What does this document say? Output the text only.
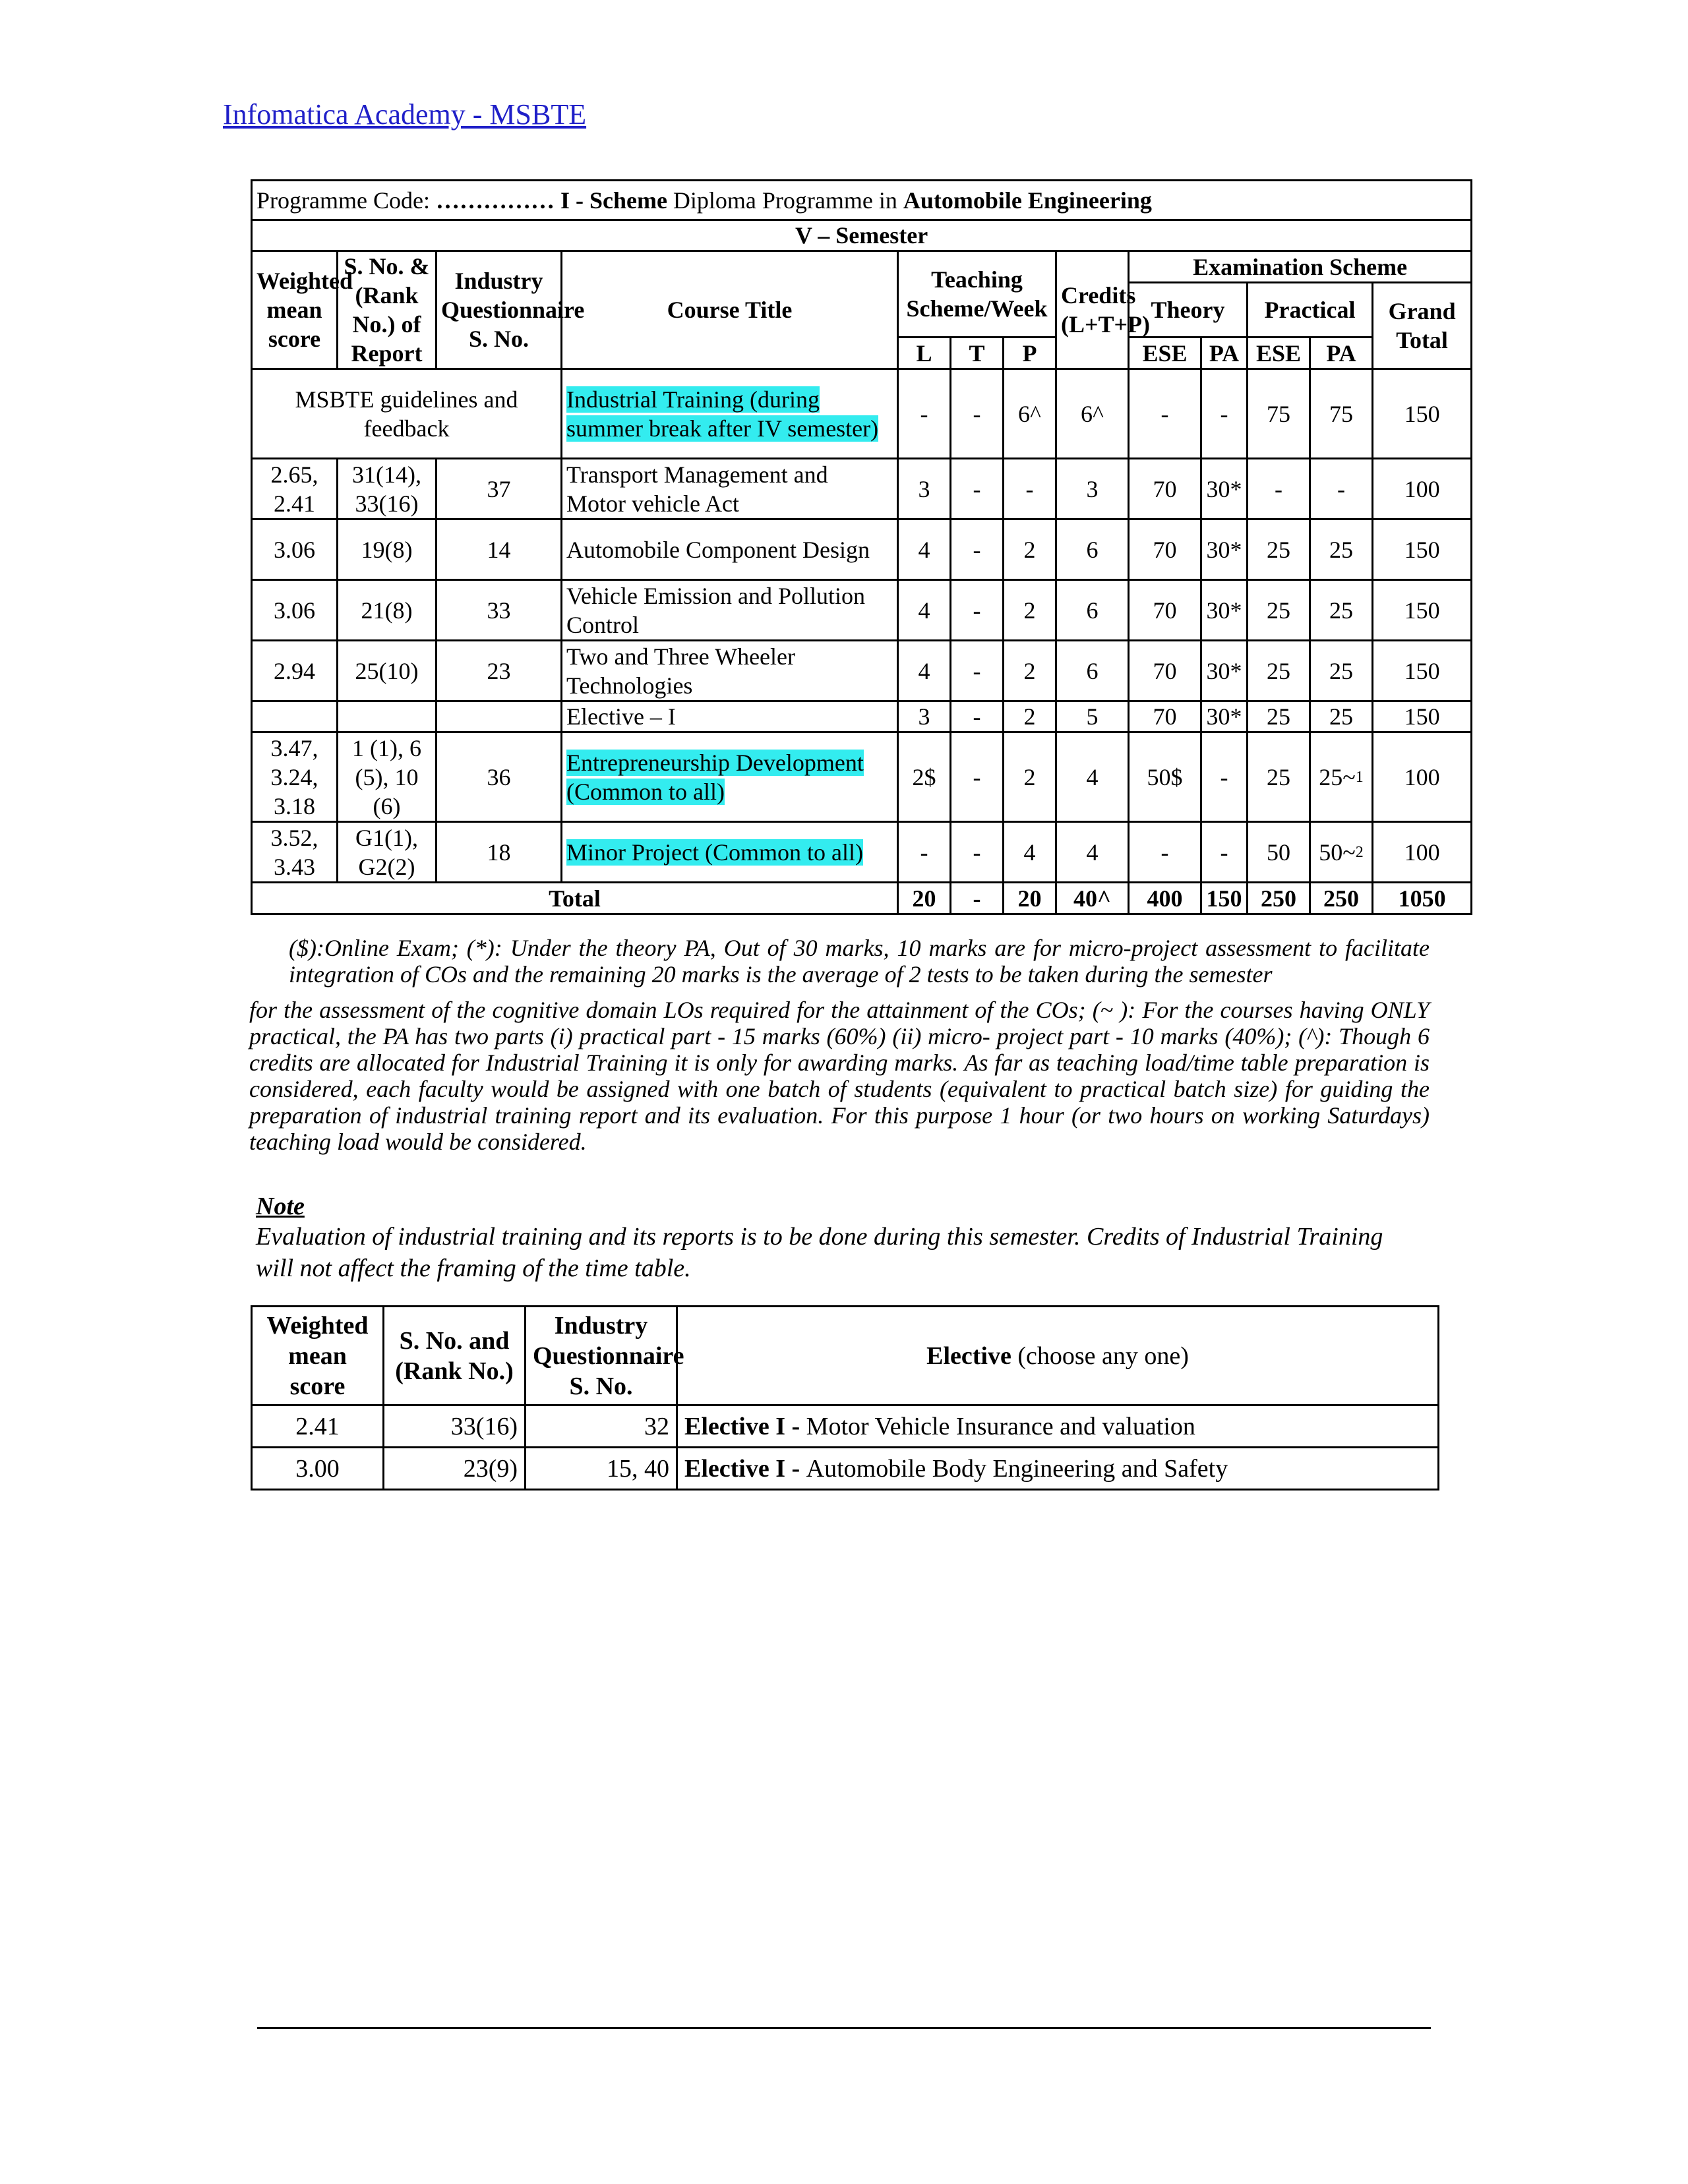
Infomatica Academy - MSBTE
Programme Code: …………… I - Scheme Diploma Programme in Automobile Engineering												
V – Semester												
Weighted mean score	S. No. & (Rank No.) of Report	Industry Questionnaire S. No.	Course Title	Teaching Scheme/Week			Credits (L+T+P)	Examination Scheme				
								Theory		Practical		Grand Total
				L	T	P		ESE	PA	ESE	PA	
MSBTE guidelines and feedback			Industrial Training (during summer break after IV semester)	-	-	6^	6^	-	-	75	75	150
2.65, 2.41	31(14), 33(16)	37	Transport Management and Motor vehicle Act	3	-	-	3	70	30*	-	-	100
3.06	19(8)	14	Automobile Component Design	4	-	2	6	70	30*	25	25	150
3.06	21(8)	33	Vehicle Emission and Pollution Control	4	-	2	6	70	30*	25	25	150
2.94	25(10)	23	Two and Three Wheeler Technologies	4	-	2	6	70	30*	25	25	150
			Elective – I	3	-	2	5	70	30*	25	25	150
3.47, 3.24, 3.18	1 (1), 6 (5), 10 (6)	36	Entrepreneurship Development (Common to all)	2$	-	2	4	50$	-	25	25~$^1$	100
3.52, 3.43	G1(1), G2(2)	18	Minor Project (Common to all)	-	-	4	4	-	-	50	50~$^2$	100
Total				20	-	20	40^	400	150	250	250	1050
($):Online Exam; (*): Under the theory PA, Out of 30 marks, 10 marks are for micro-project assessment to facilitate integration of COs and the remaining 20 marks is the average of 2 tests to be taken during the semester
for the assessment of the cognitive domain LOs required for the attainment of the COs; (~ ): For the courses having ONLY practical, the PA has two parts (i) practical part - 15 marks (60%) (ii) micro- project part - 10 marks (40%); (^): Though 6 credits are allocated for Industrial Training it is only for awarding marks. As far as teaching load/time table preparation is considered, each faculty would be assigned with one batch of students (equivalent to practical batch size) for guiding the preparation of industrial training report and its evaluation. For this purpose 1 hour (or two hours on working Saturdays) teaching load would be considered.
Note
Evaluation of industrial training and its reports is to be done during this semester. Credits of Industrial Training will not affect the framing of the time table.
Weighted mean score	S. No. and (Rank No.)	Industry Questionnaire S. No.	Elective (choose any one)
2.41	33(16)	32	Elective I - Motor Vehicle Insurance and valuation
3.00	23(9)	15, 40	Elective I - Automobile Body Engineering and Safety
